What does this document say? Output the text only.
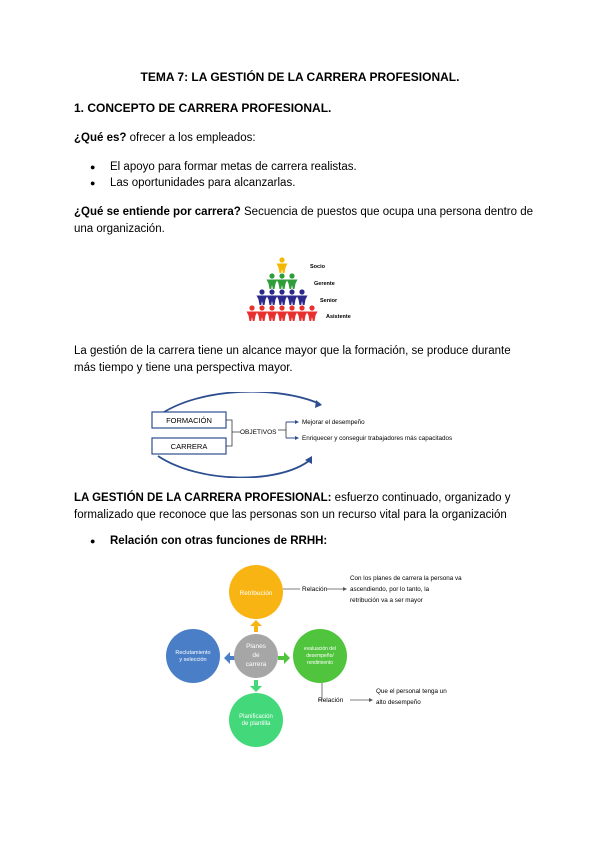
TEMA 7: LA GESTIÓN DE LA CARRERA PROFESIONAL.
1. CONCEPTO DE CARRERA PROFESIONAL.
¿Qué es? ofrecer a los empleados:
● El apoyo para formar metas de carrera realistas.
● Las oportunidades para alcanzarlas.
¿Qué se entiende por carrera? Secuencia de puestos que ocupa una persona dentro de una organización.
Socio
Gerente
Senior
Asistente
La gestión de la carrera tiene un alcance mayor que la formación, se produce durante más tiempo y tiene una perspectiva mayor.
FORMACIÓN
CARRERA
OBJETIVOS
Mejorar el desempeño
Enriquecer y conseguir trabajadores más capacitados
LA GESTIÓN DE LA CARRERA PROFESIONAL: esfuerzo continuado, organizado y formalizado que reconoce que las personas son un recurso vital para la organización
● Relación con otras funciones de RRHH:
Retribución
Reclutamiento
y selección
evaluación del
desempeño/
rendimiento
Planificación
de plantilla
Planes
de
carrera
Relación
Con los planes de carrera la persona va
ascendiendo, por lo tanto, la
retribución va a ser mayor
Relación
Que el personal tenga un
alto desempeño
